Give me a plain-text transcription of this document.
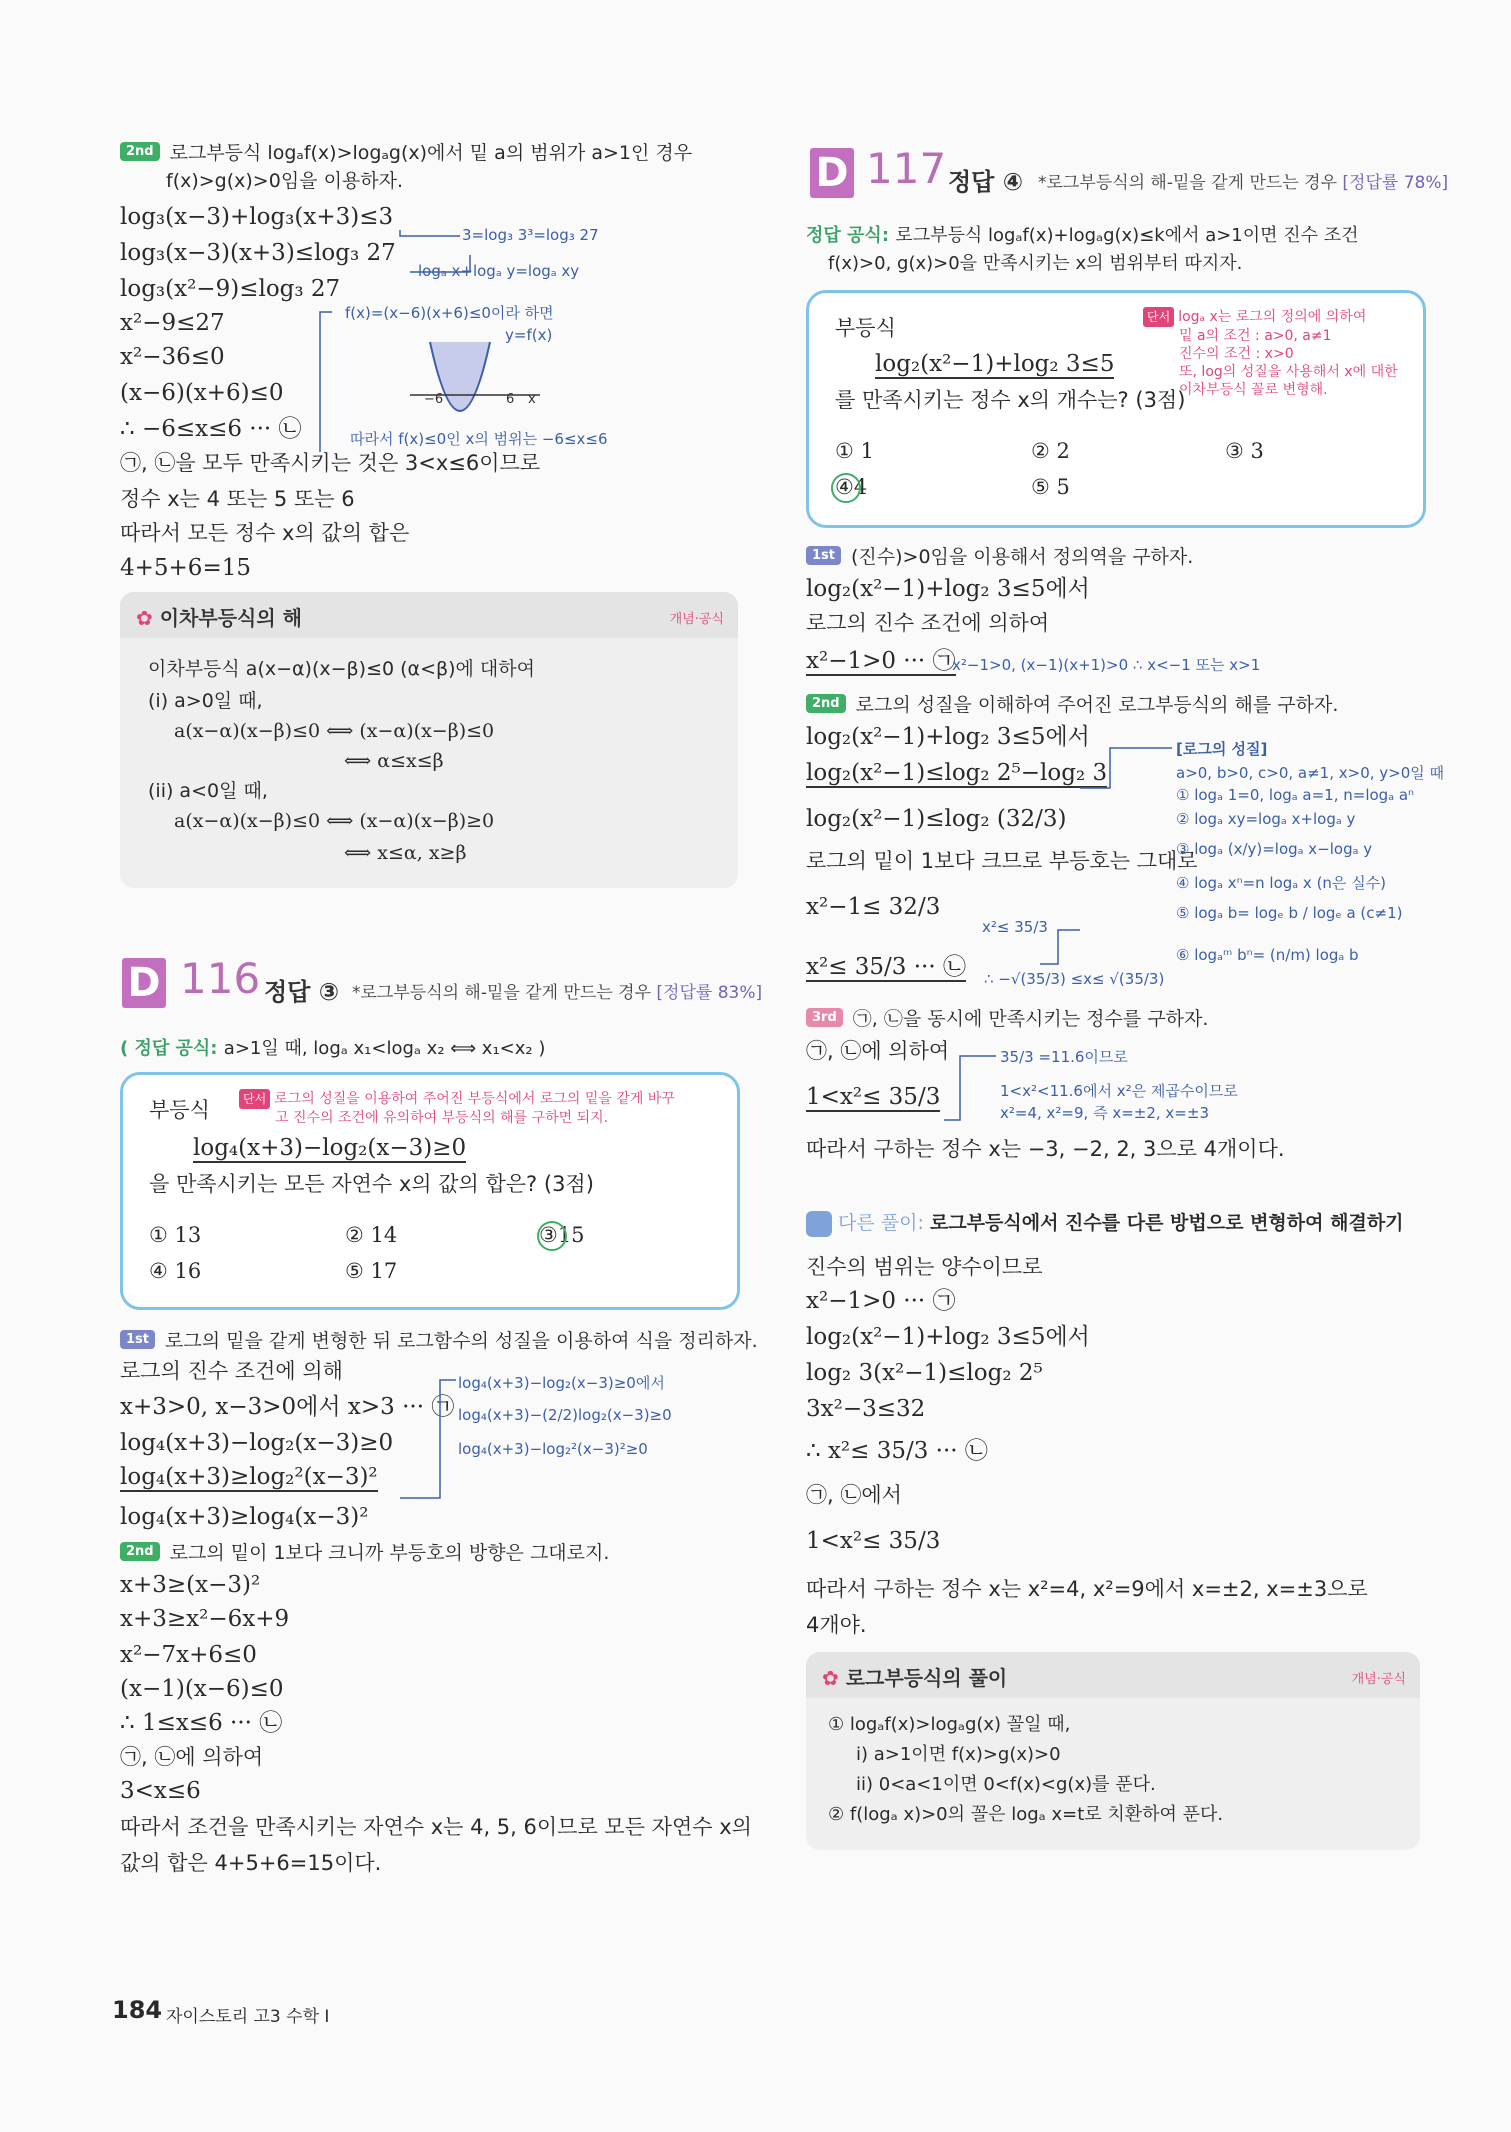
2nd 로그부등식 logₐf(x)>logₐg(x)에서 밑 a의 범위가 a>1인 경우
f(x)>g(x)>0임을 이용하자.
log₃(x−3)+log₃(x+3)≤3
log₃(x−3)(x+3)≤log₃ 27
log₃(x²−9)≤log₃ 27
x²−9≤27
x²−36≤0
(x−6)(x+6)≤0
∴ −6≤x≤6 ··· ㉡
㉠, ㉡을 모두 만족시키는 것은 3<x≤6이므로
정수 x는 4 또는 5 또는 6
따라서 모든 정수 x의 값의 합은
4+5+6=15
3=log₃ 3³=log₃ 27
logₐ x+logₐ y=logₐ xy
f(x)=(x−6)(x+6)≤0이라 하면
y=f(x)
−6	6 x
따라서 f(x)≤0인 x의 범위는 −6≤x≤6
✿ 이차부등식의 해	개념·공식
이차부등식 a(x−α)(x−β)≤0 (α<β)에 대하여
(i) a>0일 때,
a(x−α)(x−β)≤0 ⟺ (x−α)(x−β)≤0
⟺ α≤x≤β
(ii) a<0일 때,
a(x−α)(x−β)≤0 ⟺ (x−α)(x−β)≥0
⟺ x≤α, x≥β
D 116 정답 ③ *로그부등식의 해-밑을 같게 만드는 경우 [정답률 83%]
( 정답 공식: a>1일 때, logₐ x₁<logₐ x₂ ⟺ x₁<x₂ )
부등식	단서 로그의 성질을 이용하여 주어진 부등식에서 로그의 밑을 같게 바꾸
고 진수의 조건에 유의하여 부등식의 해를 구하면 되지.
log₄(x+3)−log₂(x−3)≥0
을 만족시키는 모든 자연수 x의 값의 합은? (3점)
① 13	② 14	③15
④ 16	⑤ 17
1st 로그의 밑을 같게 변형한 뒤 로그함수의 성질을 이용하여 식을 정리하자.
로그의 진수 조건에 의해
x+3>0, x−3>0에서 x>3 ··· ㉠
log₄(x+3)−log₂(x−3)≥0
log₄(x+3)≥log₂²(x−3)²
log₄(x+3)≥log₄(x−3)²
log₄(x+3)−log₂(x−3)≥0에서
log₄(x+3)−(2/2)log₂(x−3)≥0
log₄(x+3)−log₂²(x−3)²≥0
2nd 로그의 밑이 1보다 크니까 부등호의 방향은 그대로지.
x+3≥(x−3)²
x+3≥x²−6x+9
x²−7x+6≤0
(x−1)(x−6)≤0
∴ 1≤x≤6 ··· ㉡
㉠, ㉡에 의하여
3<x≤6
따라서 조건을 만족시키는 자연수 x는 4, 5, 6이므로 모든 자연수 x의
값의 합은 4+5+6=15이다.
184 자이스토리 고3 수학 I
D 117 정답 ④ *로그부등식의 해-밑을 같게 만드는 경우 [정답률 78%]
정답 공식: 로그부등식 logₐf(x)+logₐg(x)≤k에서 a>1이면 진수 조건
f(x)>0, g(x)>0을 만족시키는 x의 범위부터 따지자.
부등식
log₂(x²−1)+log₂ 3≤5
를 만족시키는 정수 x의 개수는? (3점)
단서 logₐ x는 로그의 정의에 의하여
밑 a의 조건 : a>0, a≠1
진수의 조건 : x>0
또, log의 성질을 사용해서 x에 대한
이차부등식 꼴로 변형해.
① 1	② 2	③ 3
④4	⑤ 5
1st (진수)>0임을 이용해서 정의역을 구하자.
log₂(x²−1)+log₂ 3≤5에서
로그의 진수 조건에 의하여
x²−1>0 ··· ㉠
x²−1>0, (x−1)(x+1)>0 ∴ x<−1 또는 x>1
2nd 로그의 성질을 이해하여 주어진 로그부등식의 해를 구하자.
log₂(x²−1)+log₂ 3≤5에서
log₂(x²−1)≤log₂ 2⁵−log₂ 3
log₂(x²−1)≤log₂ (32/3)
로그의 밑이 1보다 크므로 부등호는 그대로
x²−1≤ 32/3
x²≤ 35/3 ··· ㉡
[로그의 성질]
a>0, b>0, c>0, a≠1, x>0, y>0일 때
① logₐ 1=0, logₐ a=1, n=logₐ aⁿ
② logₐ xy=logₐ x+logₐ y
③ logₐ (x/y)=logₐ x−logₐ y
④ logₐ xⁿ=n logₐ x (n은 실수)
⑤ logₐ b= logₑ b / logₑ a (c≠1)
⑥ logₐᵐ bⁿ= (n/m) logₐ b
x²≤ 35/3
∴ −√(35/3) ≤x≤ √(35/3)
3rd ㉠, ㉡을 동시에 만족시키는 정수를 구하자.
㉠, ㉡에 의하여
1<x²≤ 35/3
따라서 구하는 정수 x는 −3, −2, 2, 3으로 4개이다.
35/3 =11.6이므로
1<x²<11.6에서 x²은 제곱수이므로
x²=4, x²=9, 즉 x=±2, x=±3
다른 풀이: 로그부등식에서 진수를 다른 방법으로 변형하여 해결하기
진수의 범위는 양수이므로
x²−1>0 ··· ㉠
log₂(x²−1)+log₂ 3≤5에서
log₂ 3(x²−1)≤log₂ 2⁵
3x²−3≤32
∴ x²≤ 35/3 ··· ㉡
㉠, ㉡에서
1<x²≤ 35/3
따라서 구하는 정수 x는 x²=4, x²=9에서 x=±2, x=±3으로
4개야.
✿ 로그부등식의 풀이	개념·공식
① logₐf(x)>logₐg(x) 꼴일 때,
i) a>1이면 f(x)>g(x)>0
ii) 0<a<1이면 0<f(x)<g(x)를 푼다.
② f(logₐ x)>0의 꼴은 logₐ x=t로 치환하여 푼다.
